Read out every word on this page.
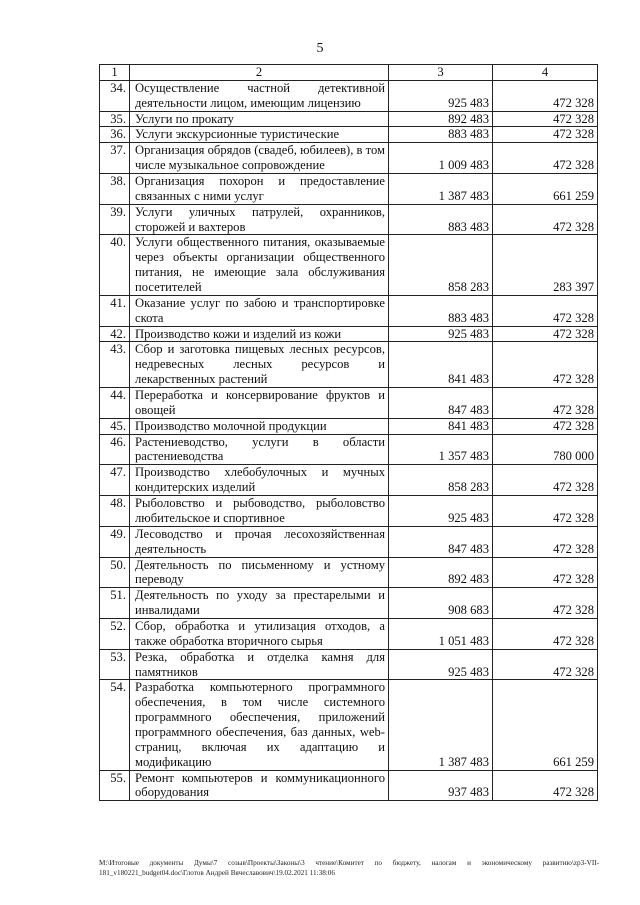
5
1	2	3	4
34.	Осуществление частной детективной деятельности лицом, имеющим лицензию	925 483	472 328
35.	Услуги по прокату	892 483	472 328
36.	Услуги экскурсионные туристические	883 483	472 328
37.	Организация обрядов (свадеб, юбилеев), в том числе музыкальное сопровождение	1 009 483	472 328
38.	Организация похорон и предоставление связанных с ними услуг	1 387 483	661 259
39.	Услуги уличных патрулей, охранников, сторожей и вахтеров	883 483	472 328
40.	Услуги общественного питания, оказываемые через объекты организации общественного питания, не имеющие зала обслуживания посетителей	858 283	283 397
41.	Оказание услуг по забою и транспортировке скота	883 483	472 328
42.	Производство кожи и изделий из кожи	925 483	472 328
43.	Сбор и заготовка пищевых лесных ресурсов, недревесных лесных ресурсов и лекарственных растений	841 483	472 328
44.	Переработка и консервирование фруктов и овощей	847 483	472 328
45.	Производство молочной продукции	841 483	472 328
46.	Растениеводство, услуги в области растениеводства	1 357 483	780 000
47.	Производство хлебобулочных и мучных кондитерских изделий	858 283	472 328
48.	Рыболовство и рыбоводство, рыболовство любительское и спортивное	925 483	472 328
49.	Лесоводство и прочая лесохозяйственная деятельность	847 483	472 328
50.	Деятельность по письменному и устному переводу	892 483	472 328
51.	Деятельность по уходу за престарелыми и инвалидами	908 683	472 328
52.	Сбор, обработка и утилизация отходов, а также обработка вторичного сырья	1 051 483	472 328
53.	Резка, обработка и отделка камня для памятников	925 483	472 328
54.	Разработка компьютерного программного обеспечения, в том числе системного программного обеспечения, приложений программного обеспечения, баз данных, web-страниц, включая их адаптацию и модификацию	1 387 483	661 259
55.	Ремонт компьютеров и коммуникационного оборудования	937 483	472 328
M:\Итоговые документы Думы\7 созыв\Проекты\Законы\3 чтение\Комитет по бюджету, налогам и экономическому развитию\zp3-VII-181_v180221_budget04.doc\Глотов Андрей Вячеславович\19.02.2021 11:38:06
